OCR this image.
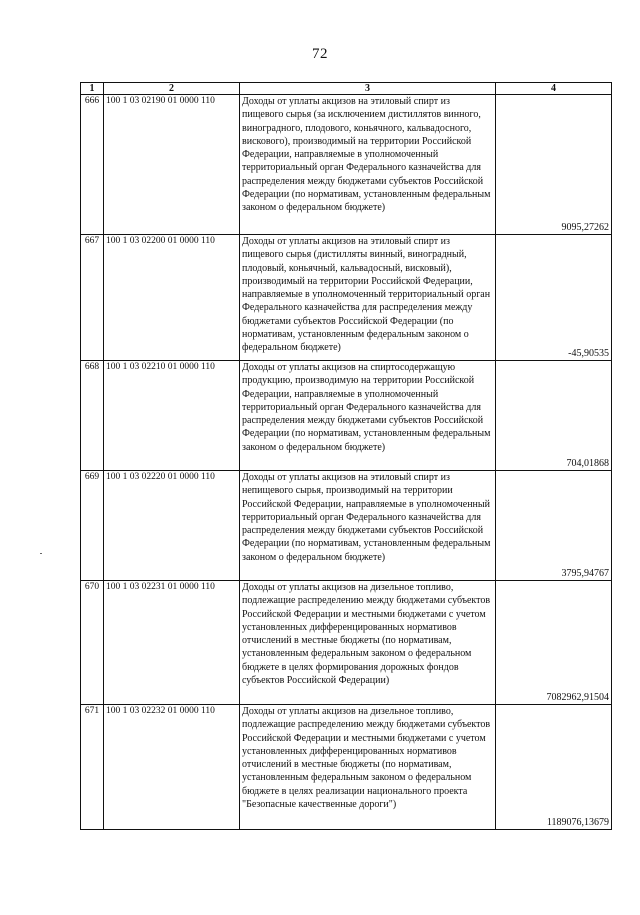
72
1	2	3	4
666	100 1 03 02190 01 0000 110	Доходы от уплаты акцизов на этиловый спирт из пищевого сырья (за исключением дистиллятов винного, виноградного, плодового, коньячного, кальвадосного, вискового), производимый на территории Российской Федерации, направляемые в уполномоченный территориальный орган Федерального казначейства для распределения между бюджетами субъектов Российской Федерации (по нормативам, установленным федеральным законом о федеральном бюджете)	9095,27262
667	100 1 03 02200 01 0000 110	Доходы от уплаты акцизов на этиловый спирт из пищевого сырья (дистилляты винный, виноградный, плодовый, коньячный, кальвадосный, висковый), производимый на территории Российской Федерации, направляемые в уполномоченный территориальный орган Федерального казначейства для распределения между бюджетами субъектов Российской Федерации (по нормативам, установленным федеральным законом о федеральном бюджете)	-45,90535
668	100 1 03 02210 01 0000 110	Доходы от уплаты акцизов на спиртосодержащую продукцию, производимую на территории Российской Федерации, направляемые в уполномоченный территориальный орган Федерального казначейства для распределения между бюджетами субъектов Российской Федерации (по нормативам, установленным федеральным законом о федеральном бюджете)	704,01868
669	100 1 03 02220 01 0000 110	Доходы от уплаты акцизов на этиловый спирт из непищевого сырья, производимый на территории Российской Федерации, направляемые в уполномоченный территориальный орган Федерального казначейства для распределения между бюджетами субъектов Российской Федерации (по нормативам, установленным федеральным законом о федеральном бюджете)	3795,94767
670	100 1 03 02231 01 0000 110	Доходы от уплаты акцизов на дизельное топливо, подлежащие распределению между бюджетами субъектов Российской Федерации и местными бюджетами с учетом установленных дифференцированных нормативов отчислений в местные бюджеты (по нормативам, установленным федеральным законом о федеральном бюджете в целях формирования дорожных фондов субъектов Российской Федерации)	7082962,91504
671	100 1 03 02232 01 0000 110	Доходы от уплаты акцизов на дизельное топливо, подлежащие распределению между бюджетами субъектов Российской Федерации и местными бюджетами с учетом установленных дифференцированных нормативов отчислений в местные бюджеты (по нормативам, установленным федеральным законом о федеральном бюджете в целях реализации национального проекта "Безопасные качественные дороги")	1189076,13679
